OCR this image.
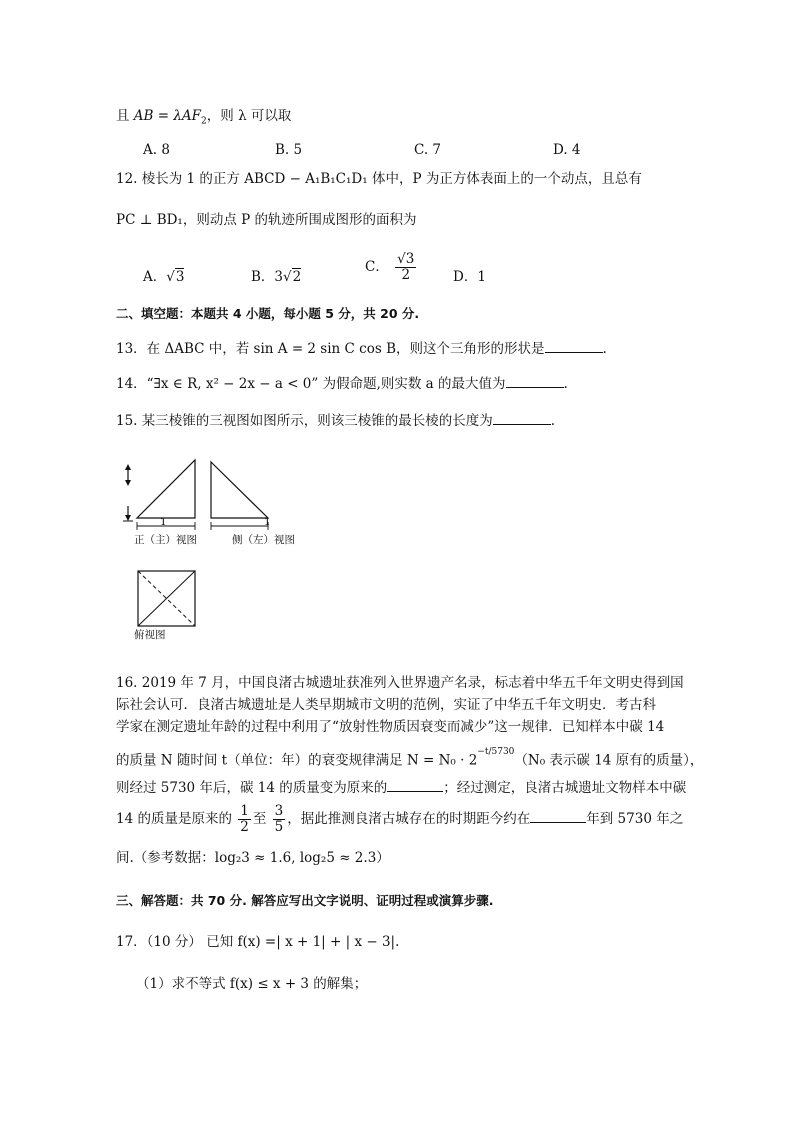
且 AB = λAF$_2$，则 λ 可以取
A. 8	B. 5	C. 7	D. 4
12. 棱长为 1 的正方 ABCD − A₁B₁C₁D₁ 体中，P 为正方体表面上的一个动点，且总有
PC ⊥ BD₁，则动点 P 的轨迹所围成图形的面积为
A．√3	B．3√2
C． $\frac{√3}{2}$	D．1
二、填空题：本题共 4 小题，每小题 5 分，共 20 分.
13．在 ΔABC 中，若 sin A = 2 sin C cos B，则这个三角形的形状是	.
14．“∃x ∈ R, x² − 2x − a < 0” 为假命题,则实数 a 的最大值为	.
15. 某三棱锥的三视图如图所示，则该三棱锥的最长棱的长度为	.
1	1
正（主）视图	侧（左）视图
俯视图
16. 2019 年 7 月，中国良渚古城遗址获准列入世界遗产名录，标志着中华五千年文明史得到国
际社会认可．良渚古城遗址是人类早期城市文明的范例，实证了中华五千年文明史．考古科
学家在测定遗址年龄的过程中利用了“放射性物质因衰变而减少”这一规律．已知样本中碳 14
的质量 N 随时间 t（单位：年）的衰变规律满足 $N = N_0 \cdot 2^{-t/5730}(N_0$ 表示碳 14 原有的质量），
则经过 5730 年后，碳 14 的质量变为原来的	；经过测定，良渚古城遗址文物样本中碳
14 的质量是原来的 $\frac{1}{2}$ 至 $\frac{3}{5}$ ，据此推测良渚古城存在的时期距今约在	年到 5730 年之
间.（参考数据：log₂3 ≈ 1.6, log₂5 ≈ 2.3）
三、解答题：共 70 分. 解答应写出文字说明、证明过程或演算步骤.
17．（10 分） 已知 f(x) =| x + 1| + | x − 3|.
（1）求不等式 f(x) ≤ x + 3 的解集；
